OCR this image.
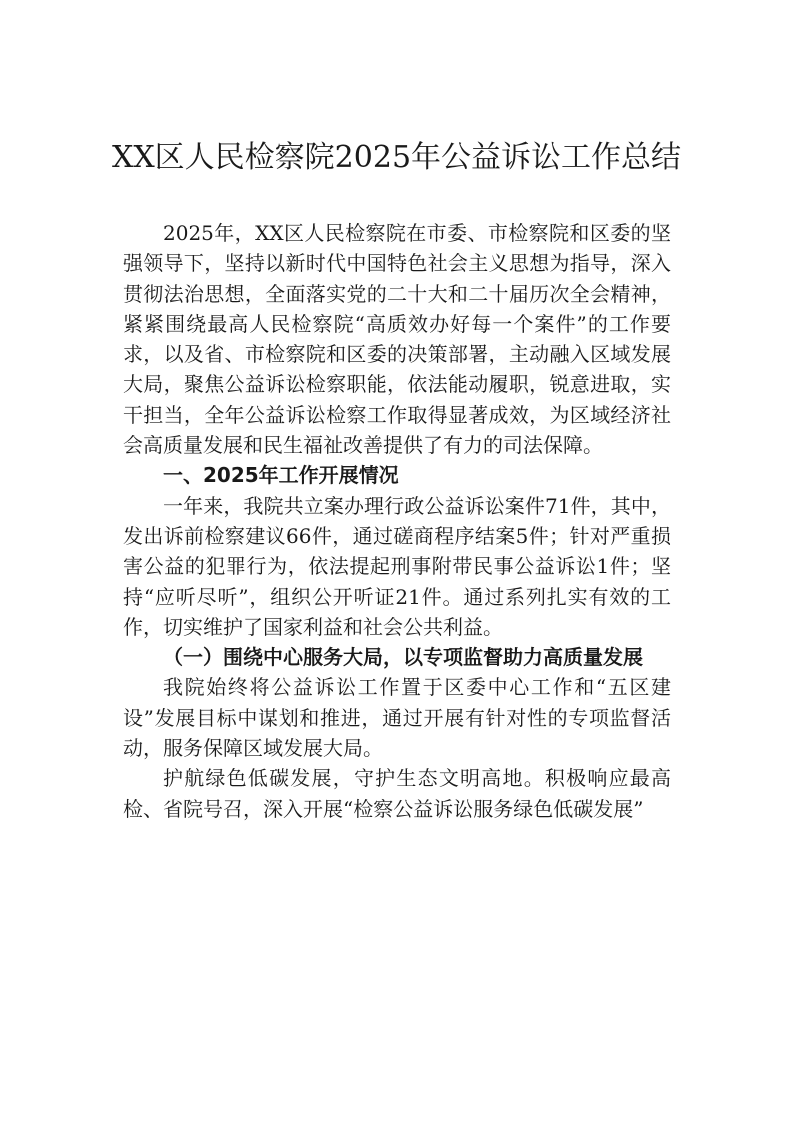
XX区人民检察院2025年公益诉讼工作总结

2025年，XX区人民检察院在市委、市检察院和区委的坚强领导下，坚持以新时代中国特色社会主义思想为指导，深入贯彻法治思想，全面落实党的二十大和二十届历次全会精神，紧紧围绕最高人民检察院“高质效办好每一个案件”的工作要求，以及省、市检察院和区委的决策部署，主动融入区域发展大局，聚焦公益诉讼检察职能，依法能动履职，锐意进取，实干担当，全年公益诉讼检察工作取得显著成效，为区域经济社会高质量发展和民生福祉改善提供了有力的司法保障。

一、2025年工作开展情况

一年来，我院共立案办理行政公益诉讼案件71件，其中，发出诉前检察建议66件，通过磋商程序结案5件；针对严重损害公益的犯罪行为，依法提起刑事附带民事公益诉讼1件；坚持“应听尽听”，组织公开听证21件。通过系列扎实有效的工作，切实维护了国家利益和社会公共利益。

（一）围绕中心服务大局，以专项监督助力高质量发展

我院始终将公益诉讼工作置于区委中心工作和“五区建设”发展目标中谋划和推进，通过开展有针对性的专项监督活动，服务保障区域发展大局。

护航绿色低碳发展，守护生态文明高地。积极响应最高检、省院号召，深入开展“检察公益诉讼服务绿色低碳发展”
